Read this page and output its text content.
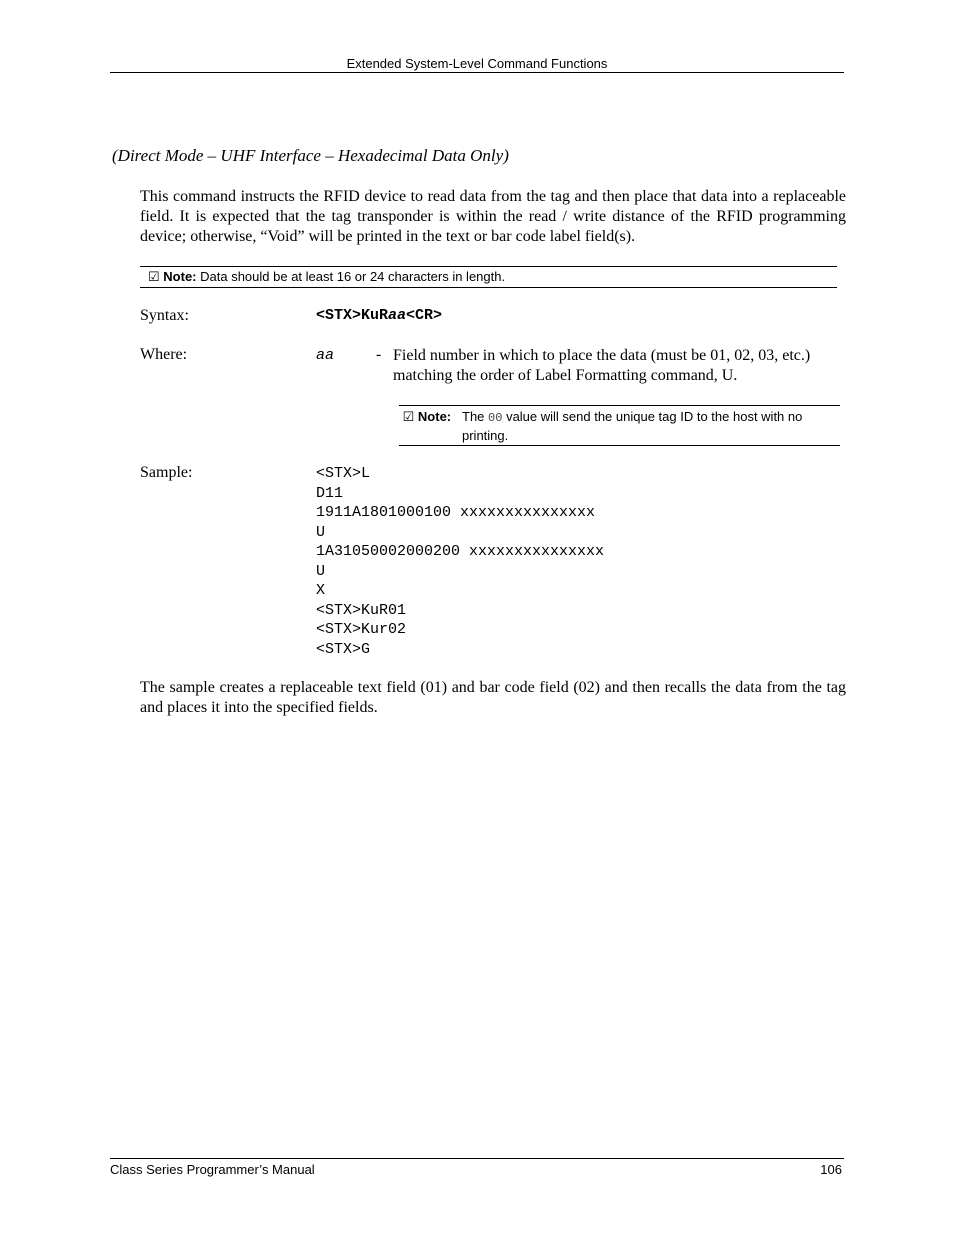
Extended System-Level Command Functions
(Direct Mode – UHF Interface – Hexadecimal Data Only)
This command instructs the RFID device to read data from the tag and then place that data into a replaceable field. It is expected that the tag transponder is within the read / write distance of the RFID programming device; otherwise, “Void” will be printed in the text or bar code label field(s).
☑ Note: Data should be at least 16 or 24 characters in length.
Syntax:	<STX>KuRaa<CR>
Where:	aa	- Field number in which to place the data (must be 01, 02, 03, etc.) matching the order of Label Formatting command, U.
☑ Note: The 00 value will send the unique tag ID to the host with no printing.
Sample:	<STX>L
D11
1911A1801000100 xxxxxxxxxxxxxxx
U
1A31050002000200 xxxxxxxxxxxxxxx
U
X
<STX>KuR01
<STX>Kur02
<STX>G
The sample creates a replaceable text field (01) and bar code field (02) and then recalls the data from the tag and places it into the specified fields.
Class Series Programmer’s Manual	106
